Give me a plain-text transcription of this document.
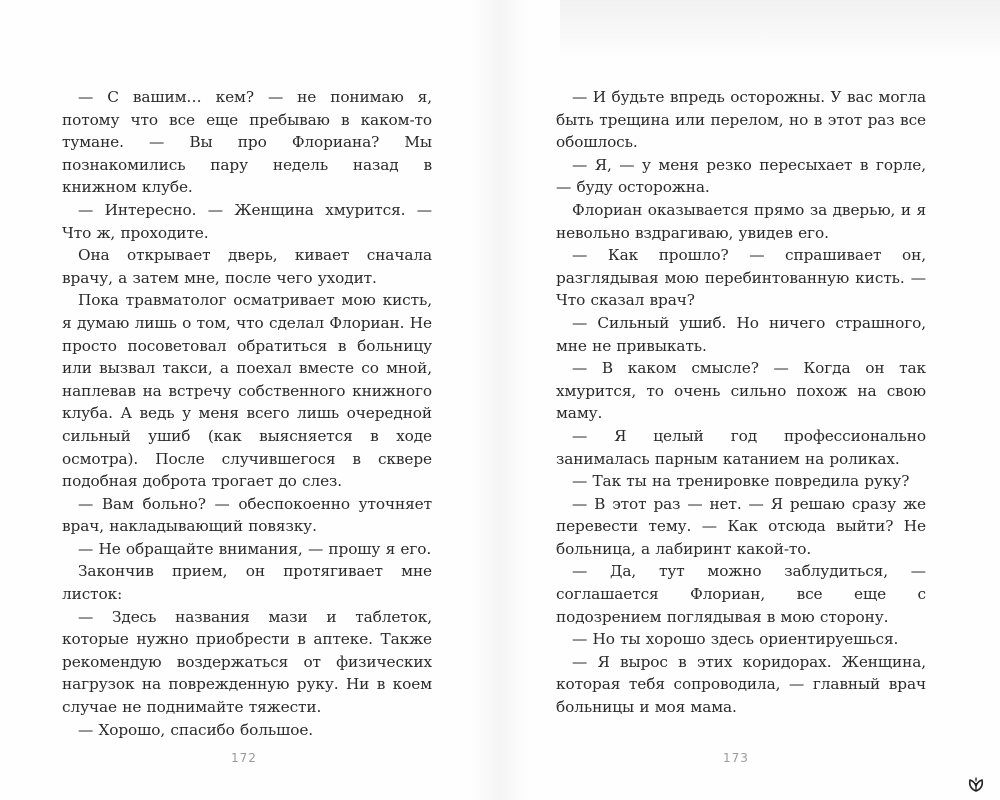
— С вашим… кем? — не понимаю я, потому что все еще пребываю в каком-то тумане. — Вы про Флориана? Мы познакомились пару недель назад в книжном клубе.

— Интересно. — Женщина хмурится. — Что ж, проходите.

Она открывает дверь, кивает сначала врачу, а затем мне, после чего уходит.

Пока травматолог осматривает мою кисть, я думаю лишь о том, что сделал Флориан. Не просто посоветовал обратиться в больницу или вызвал такси, а поехал вместе со мной, наплевав на встречу собственного книжного клуба. А ведь у меня всего лишь очередной сильный ушиб (как выясняется в ходе осмотра). После случившегося в сквере подобная доброта трогает до слез.

— Вам больно? — обеспокоенно уточняет врач, накладывающий повязку.

— Не обращайте внимания, — прошу я его.

Закончив прием, он протягивает мне листок:

— Здесь названия мази и таблеток, которые нужно приобрести в аптеке. Также рекомендую воздержаться от физических нагрузок на поврежденную руку. Ни в коем случае не поднимайте тяжести.

— Хорошо, спасибо большое.

— И будьте впредь осторожны. У вас могла быть трещина или перелом, но в этот раз все обошлось.

— Я, — у меня резко пересыхает в горле, — буду осторожна.

Флориан оказывается прямо за дверью, и я невольно вздрагиваю, увидев его.

— Как прошло? — спрашивает он, разглядывая мою перебинтованную кисть. — Что сказал врач?

— Сильный ушиб. Но ничего страшного, мне не привыкать.

— В каком смысле? — Когда он так хмурится, то очень сильно похож на свою маму.

— Я целый год профессионально занималась парным катанием на роликах.

— Так ты на тренировке повредила руку?

— В этот раз — нет. — Я решаю сразу же перевести тему. — Как отсюда выйти? Не больница, а лабиринт какой-то.

— Да, тут можно заблудиться, — соглашается Флориан, все еще с подозрением поглядывая в мою сторону.

— Но ты хорошо здесь ориентируешься.

— Я вырос в этих коридорах. Женщина, которая тебя сопроводила, — главный врач больницы и моя мама.

172	173
